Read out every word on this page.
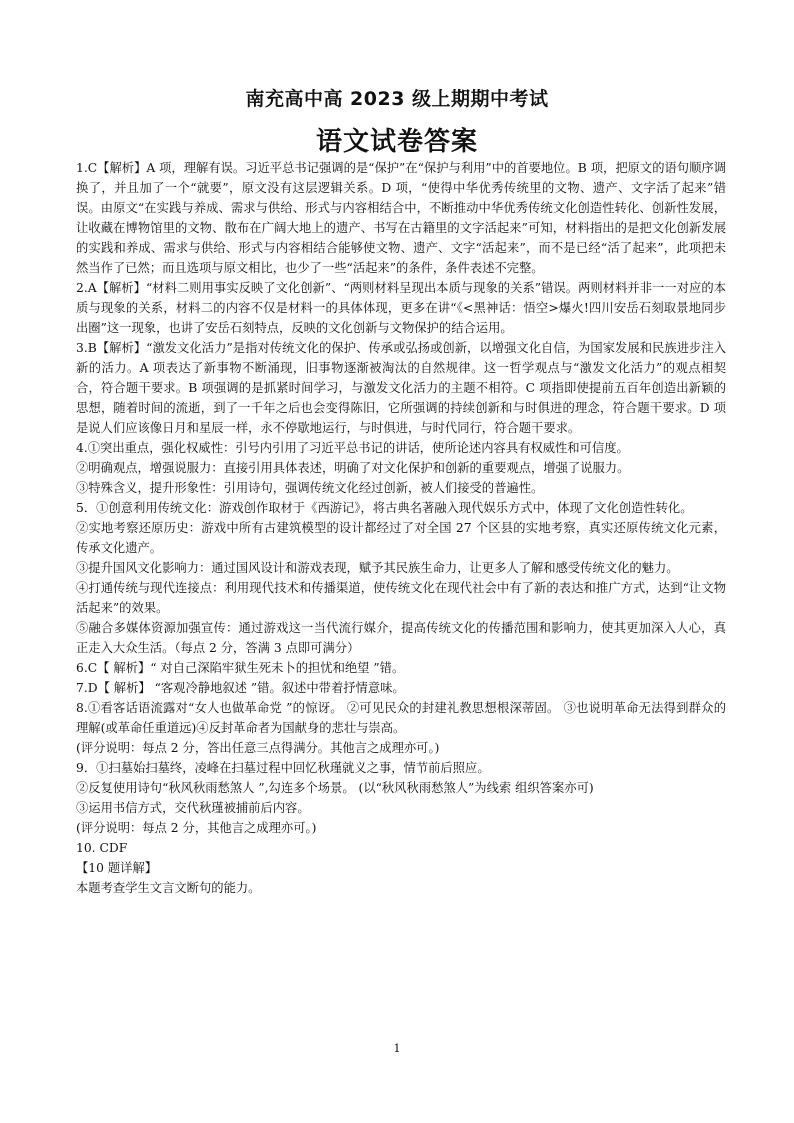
南充高中高 2023 级上期期中考试
语文试卷答案

1.C【解析】A 项，理解有误。习近平总书记强调的是“保护”在“保护与利用”中的首要地位。B 项，把原文的语句顺序调换了，并且加了一个“就要”，原文没有这层逻辑关系。D 项，“使得中华优秀传统里的文物、遗产、文字活了起来”错误。由原文“在实践与养成、需求与供给、形式与内容相结合中，不断推动中华优秀传统文化创造性转化、创新性发展，让收藏在博物馆里的文物、散布在广阔大地上的遗产、书写在古籍里的文字活起来”可知，材料指出的是把文化创新发展的实践和养成、需求与供给、形式与内容相结合能够使文物、遗产、文字“活起来”，而不是已经“活了起来”，此项把未然当作了已然；而且选项与原文相比，也少了一些“活起来”的条件，条件表述不完整。

2.A【解析】“材料二则用事实反映了文化创新”、“两则材料呈现出本质与现象的关系”错误。两则材料并非一一对应的本质与现象的关系，材料二的内容不仅是材料一的具体体现，更多在讲“《<黑神话：悟空>爆火!四川安岳石刻取景地同步出圈”这一现象，也讲了安岳石刻特点，反映的文化创新与文物保护的结合运用。

3.B【解析】“激发文化活力”是指对传统文化的保护、传承或弘扬或创新，以增强文化自信，为国家发展和民族进步注入新的活力。A 项表达了新事物不断涌现，旧事物逐渐被淘汰的自然规律。这一哲学观点与“激发文化活力”的观点相契合，符合题干要求。B 项强调的是抓紧时间学习，与激发文化活力的主题不相符。C 项指即使提前五百年创造出新颖的思想，随着时间的流逝，到了一千年之后也会变得陈旧，它所强调的持续创新和与时俱进的理念，符合题干要求。D 项是说人们应该像日月和星辰一样，永不停歇地运行，与时俱进，与时代同行，符合题干要求。

4.①突出重点，强化权威性：引号内引用了习近平总书记的讲话，使所论述内容具有权威性和可信度。

②明确观点，增强说服力：直接引用具体表述，明确了对文化保护和创新的重要观点，增强了说服力。

③特殊含义，提升形象性：引用诗句，强调传统文化经过创新，被人们接受的普遍性。

5．①创意利用传统文化：游戏创作取材于《西游记》，将古典名著融入现代娱乐方式中，体现了文化创造性转化。

②实地考察还原历史：游戏中所有古建筑模型的设计都经过了对全国 27 个区县的实地考察，真实还原传统文化元素，传承文化遗产。

③提升国风文化影响力：通过国风设计和游戏表现，赋予其民族生命力，让更多人了解和感受传统文化的魅力。

④打通传统与现代连接点：利用现代技术和传播渠道，使传统文化在现代社会中有了新的表达和推广方式，达到“让文物活起来”的效果。

⑤融合多媒体资源加强宣传：通过游戏这一当代流行媒介，提高传统文化的传播范围和影响力，使其更加深入人心，真正走入大众生活。（每点 2 分，答满 3 点即可满分）

6.C【 解析】“ 对自己深陷牢狱生死未卜的担忧和绝望 ”错。

7.D【 解析】 “客观冷静地叙述 ”错。叙述中带着抒情意味。

8.①看客话语流露对“女人也做革命党 ”的惊讶。 ②可见民众的封建礼教思想根深蒂固。 ③也说明革命无法得到群众的理解(或革命任重道远)④反封革命者为国献身的悲壮与崇高。

(评分说明：每点 2 分，答出任意三点得满分。其他言之成理亦可。)

9．①扫墓始扫墓终，凌峰在扫墓过程中回忆秋瑾就义之事，情节前后照应。

②反复使用诗句“秋风秋雨愁煞人 ”,勾连多个场景。 (以“秋风秋雨愁煞人”为线索 组织答案亦可)

③运用书信方式，交代秋瑾被捕前后内容。

(评分说明：每点 2 分，其他言之成理亦可。)

10. CDF

【10 题详解】

本题考查学生文言文断句的能力。

1
